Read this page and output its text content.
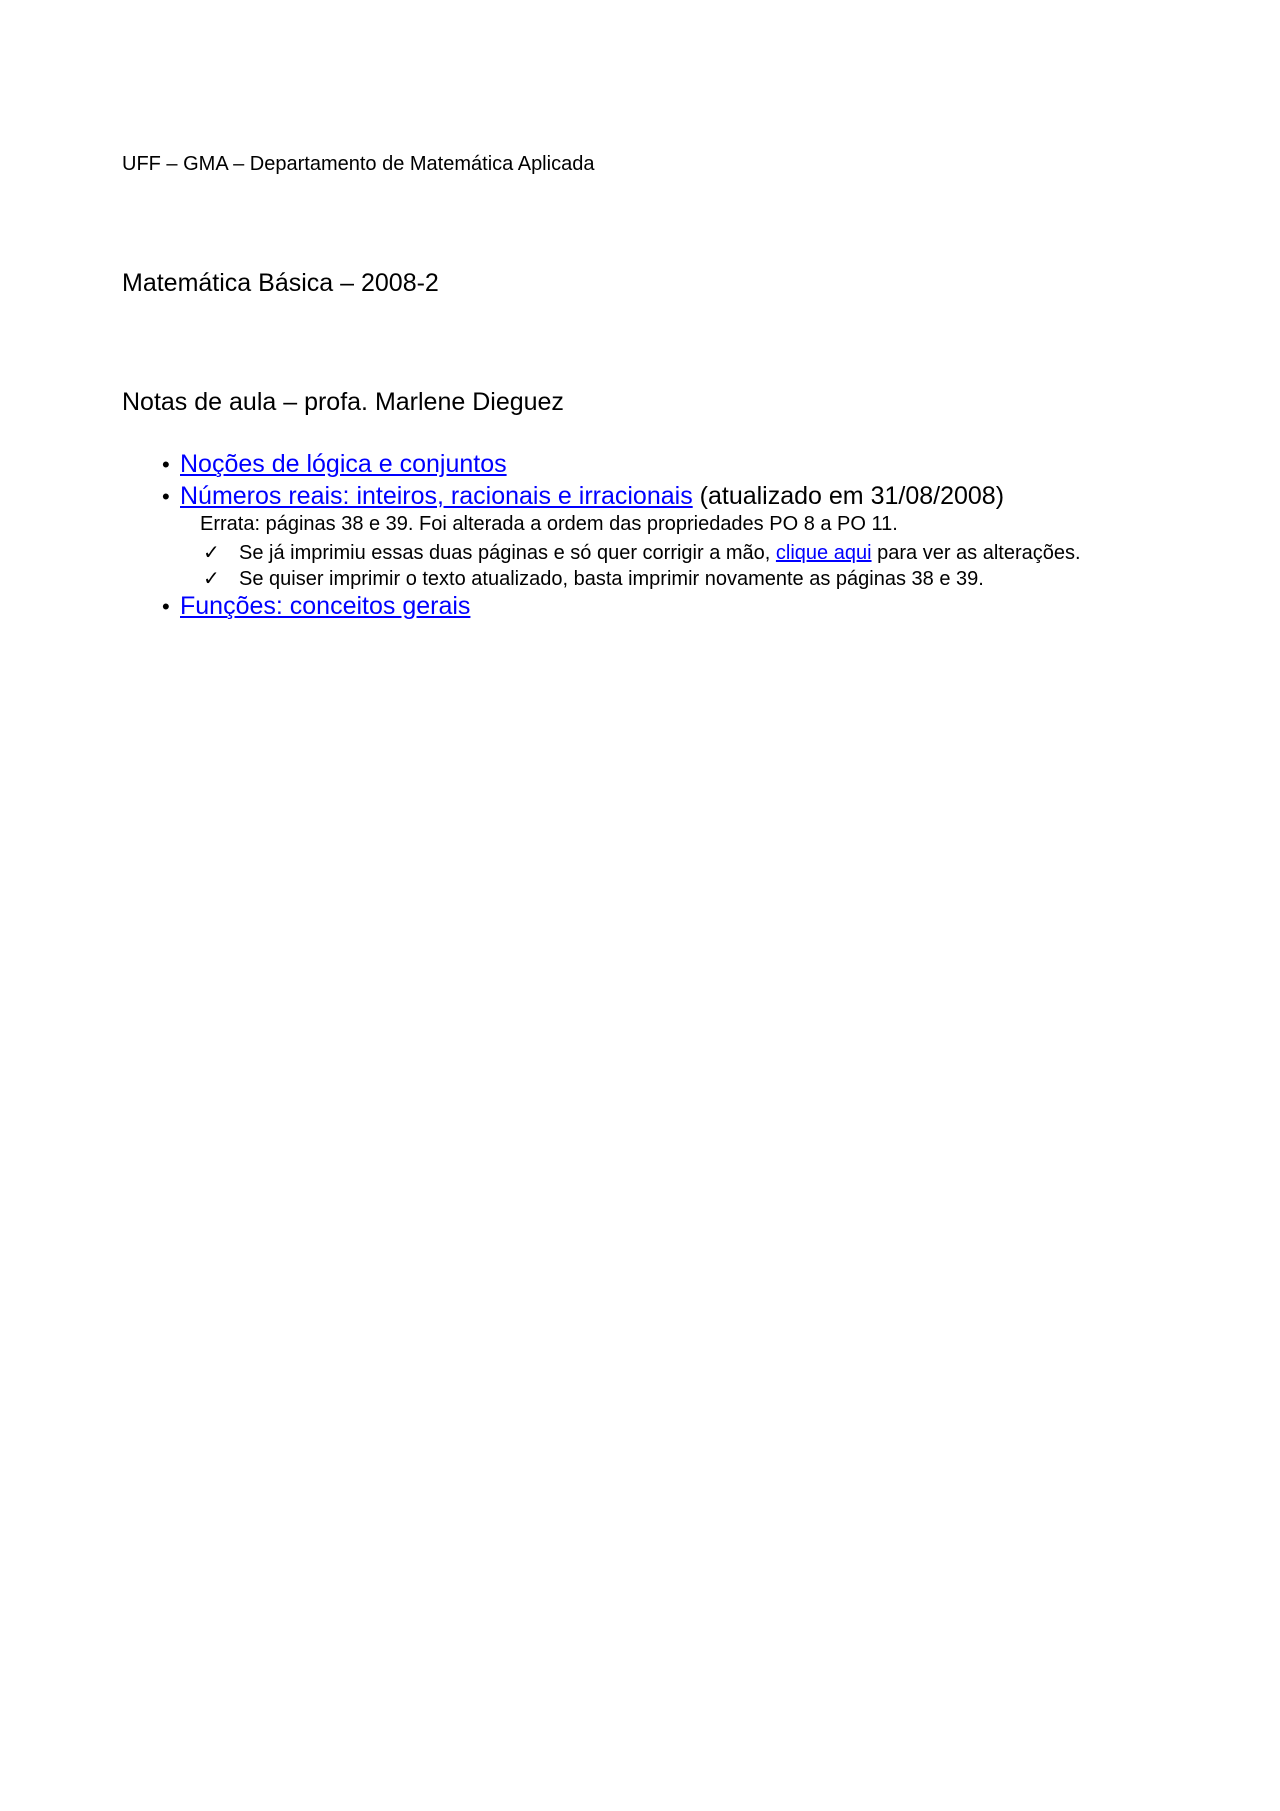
UFF – GMA – Departamento de Matemática Aplicada
Matemática Básica – 2008-2
Notas de aula – profa. Marlene Dieguez
• Noções de lógica e conjuntos
• Números reais: inteiros, racionais e irracionais (atualizado em 31/08/2008)
Errata: páginas 38 e 39. Foi alterada a ordem das propriedades PO 8 a PO 11.
✓ Se já imprimiu essas duas páginas e só quer corrigir a mão, clique aqui para ver as alterações.
✓ Se quiser imprimir o texto atualizado, basta imprimir novamente as páginas 38 e 39.
• Funções: conceitos gerais
